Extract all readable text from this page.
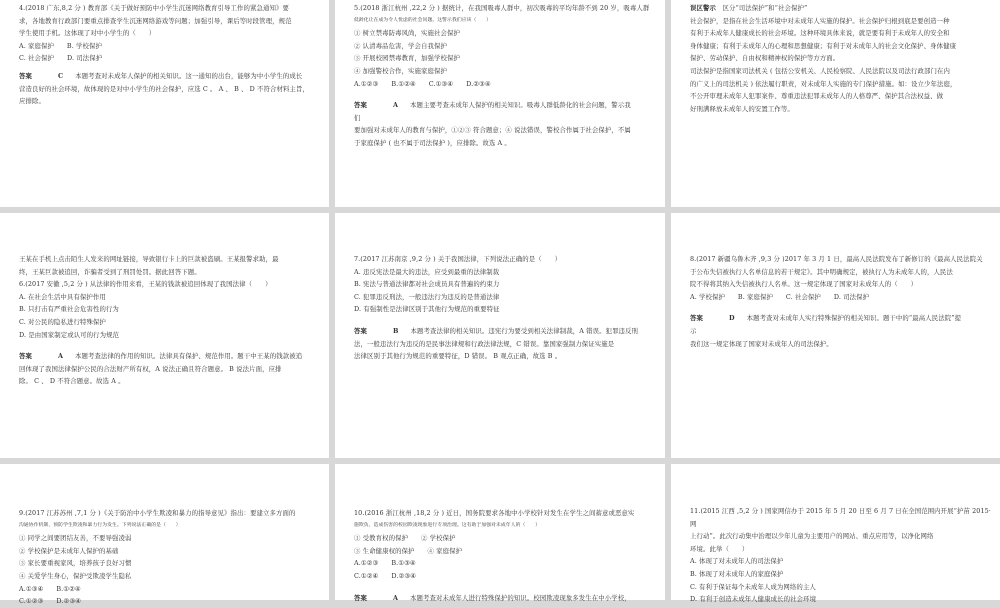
4.(2018 广东,8,2 分 ) 教育部《关于做好预防中小学生沉迷网络教育引导工作的紧急通知》要
求，各地教育行政部门要重点排查学生沉迷网络游戏等问题；加强引导，课后等时段管理，规范
学生使用手机。这体现了对中小学生的（　　）
A. 家庭保护　　B. 学校保护
C. 社会保护　　D. 司法保护
答案	C 本题考查对未成年人保护的相关知识。这一通知的出台，能够为中小学生的成长
营造良好的社会环境，故体现的是对中小学生的社会保护，应选 C 。 A 、 B 、 D 不符合材料主旨，
应排除。
5.(2018 浙江杭州 ,22,2 分 ) 据统计，在我国吸毒人群中，初次吸毒的平均年龄不到 20 岁，吸毒人群
低龄化让在成为令人忧虑的社会问题。这警示我们应该（　　）
① 树立禁毒防毒风尚，实施社会保护
② 认清毒品危害，学会自我保护
③ 开展校园禁毒教育，加强学校保护
④ 加强警校合作，实施家庭保护
A.①②③　　B.①②④　　C.①③④　　D.②③④
答案	A 本题主要考查未成年人保护的相关知识。吸毒人群低龄化的社会问题，警示我
们
要加强对未成年人的教育与保护，①②③ 符合题意；④ 说法错误，警校合作属于社会保护，不属
于家庭保护 ( 也不属于司法保护 )，应排除。故选 A 。
误区警示　区分“司法保护”和“社会保护”
社会保护，是指在社会生活环境中对未成年人实施的保护。社会保护归根到底是要创造一种
有利于未成年人健康成长的社会环境。这种环境具体来说，就是要有利于未成年人的安全和
身体健康；有利于未成年人的心理和思想健康；有利于对未成年人的社会文化保护、身体健康
保护、劳动保护、自由权和精神权的保护等方方面。
司法保护是指国家司法机关 ( 包括公安机关、人民检察院、人民法院以及司法行政部门在内
的广义上的司法机关 ) 依法履行职责，对未成年人实施的专门保护措施。如：设立少年法庭，
不公开审理未成年人犯罪案件、尊重违法犯罪未成年人的人格尊严、保护其合法权益、做
好刑满释放未成年人的安置工作等。
王某在手机上点击陌生人发来的网址链接，导致银行卡上的巨款被盗刷。王某报警求助，最
终，王某巨款被追回，诈骗者受到了刑罚处罚。据此回答下题。
6.(2017 安徽 ,5,2 分 ) 从法律的作用来看，王某的钱款被追回体现了我国法律（　　）
A. 在社会生活中具有保护作用
B. 只打击有严重社会危害性的行为
C. 对公民的隐私进行特殊保护
D. 是由国家制定或认可的行为规范
答案	A 本题考查法律的作用的知识。法律具有保护、规范作用。题干中王某的钱款被追
回体现了我国法律保护公民的合法财产所有权，A 说法正确且符合题意。 B 说法片面，应排
除。 C 、 D 不符合题意。故选 A 。
7.(2017 江苏南京 ,9,2 分 ) 关于我国法律，下列说法正确的是（　　）
A. 违反宪法是最大的违法，应受到最重的法律制裁
B. 宪法与普通法律都对社会成员具有普遍的约束力
C. 犯罪违反刑法，一般违法行为违反的是普通法律
D. 有强制性是法律区别于其他行为规范的重要特征
答案	B 本题考查法律的相关知识。违宪行为要受到相关法律制裁，A 错误。犯罪违反刑
法，一般违法行为违反的是民事法律规和行政法律法规，C 错误。靠国家强制力保证实施是
法律区别于其他行为规范的重要特征，D 错误。 B 观点正确，故选 B 。
8.(2017 新疆乌鲁木齐 ,9,3 分 )2017 年 3 月 1 日，最高人民法院发布了新修订的《最高人民法院关
于公布失信被执行人名单信息的若干规定》。其中明确规定，被执行人为未成年人的，人民法
院不得将其纳入失信被执行人名单。这一规定体现了国家对未成年人的（　　）
A. 学校保护　　B. 家庭保护　　C. 社会保护　　D. 司法保护
答案	D 本题考查对未成年人实行特殊保护的相关知识。题干中的“最高人民法院”提
示
我们这一规定体现了国家对未成年人的司法保护。
9.(2017 江苏苏州 ,7,1 分 )《关于防治中小学生欺凌和暴力的指导意见》指出：要建立多方面的
沟通协作机制，预防学生欺凌和暴力行为发生。下列说法正确的是（　　）
① 同学之间要团结友善，不要导强凌弱
② 学校保护是未成年人保护的基础
③ 家长要重视家风，培养孩子良好习惯
④ 关爱学生身心，保护受欺凌学生隐私
A.①③④　　B.①②④
C.①②③　　D.②③④
10.(2016 浙江杭州 ,18,2 分 ) 近日，国务院要求各地中小学校针对发生在学生之间蓄意或恶意实
施欺负，造成伤害的校园欺凌现象进行专项治理。这有助于加强对未成年人的（　　）
① 受教育权的保护　　② 学校保护
③ 生命健康权的保护　　④ 家庭保护
A.①②③　　B.①③④
C.①②④　　D.②③④
答案	A 本题考查对未成年人进行特殊保护的知识。校园欺凌现象多发生在中小学校，
11.(2015 江西 ,5,2 分 ) 国家网信办于 2015 年 5 月 20 日至 6 月 7 日在全国范围内开展“护苗 2015·
网
上行动”。此次行动集中治理以少年儿童为主要用户的网站、重点应用等，以净化网络
环境。此举（　　）
A. 体现了对未成年人的司法保护
B. 体现了对未成年人的家庭保护
C. 有利于保证每个未成年人成为网络的主人
D. 有利于创造未成年人健康成长的社会环境
